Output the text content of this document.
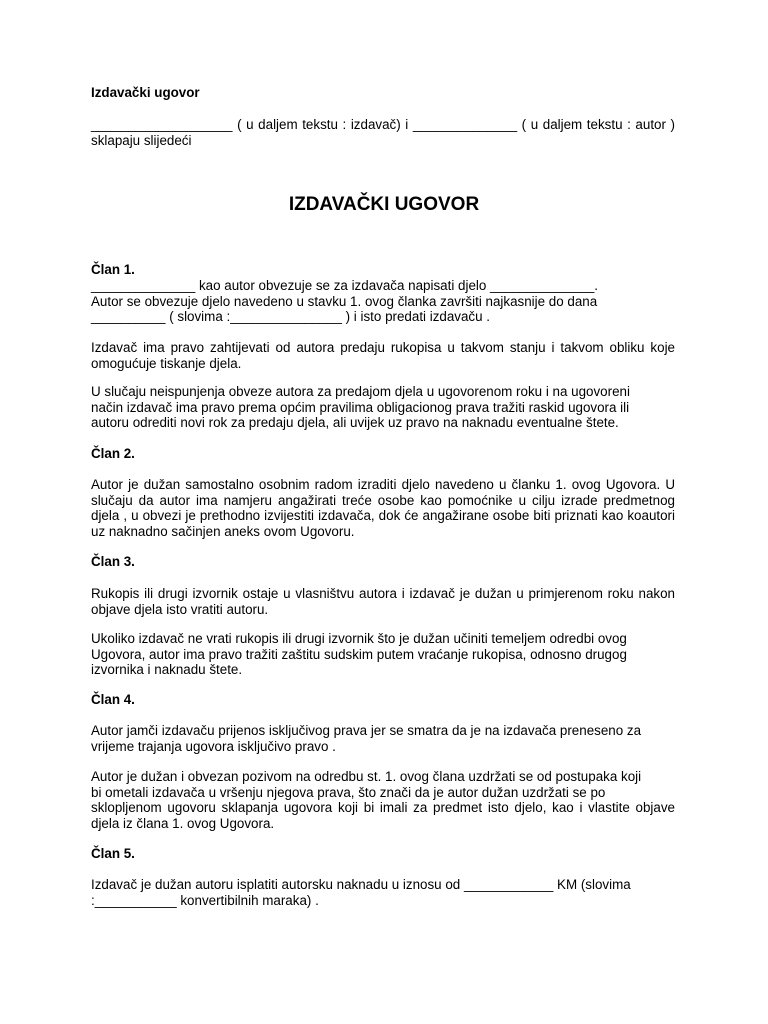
Izdavački ugovor

___________________ ( u daljem tekstu : izdavač) i ______________ ( u daljem tekstu : autor ) sklapaju slijedeći

IZDAVAČKI UGOVOR

Član 1.

______________ kao autor obvezuje se za izdavača napisati djelo ______________.
Autor se obvezuje djelo navedeno u stavku 1. ovog članka završiti najkasnije do dana
__________ ( slovima :_______________ ) i isto predati izdavaču .

Izdavač ima pravo zahtijevati od autora predaju rukopisa u takvom stanju i takvom obliku koje omogućuje tiskanje djela.

U slučaju neispunjenja obveze autora za predajom djela u ugovorenom roku i na ugovoreni
način izdavač ima pravo prema općim pravilima obligacionog prava tražiti raskid ugovora ili
autoru odrediti novi rok za predaju djela, ali uvijek uz pravo na naknadu eventualne štete.

Član 2.

Autor je dužan samostalno osobnim radom izraditi djelo navedeno u članku 1. ovog Ugovora. U slučaju da autor ima namjeru angažirati treće osobe kao pomoćnike u cilju izrade predmetnog djela , u obvezi je prethodno izvijestiti izdavača, dok će angažirane osobe biti priznati kao koautori uz naknadno sačinjen aneks ovom Ugovoru.

Član 3.

Rukopis ili drugi izvornik ostaje u vlasništvu autora i izdavač je dužan u primjerenom roku nakon objave djela isto vratiti autoru.

Ukoliko izdavač ne vrati rukopis ili drugi izvornik što je dužan učiniti temeljem odredbi ovog
Ugovora, autor ima pravo tražiti zaštitu sudskim putem vraćanje rukopisa, odnosno drugog
izvornika i naknadu štete.

Član 4.

Autor jamči izdavaču prijenos isključivog prava jer se smatra da je na izdavača preneseno za
vrijeme trajanja ugovora isključivo pravo .
Autor je dužan i obvezan pozivom na odredbu st. 1. ovog člana uzdržati se od postupaka koji
bi ometali izdavača u vršenju njegova prava, što znači da je autor dužan uzdržati se po
sklopljenom ugovoru sklapanja ugovora koji bi imali za predmet isto djelo, kao i vlastite objave djela iz člana 1. ovog Ugovora.

Član 5.

Izdavač je dužan autoru isplatiti autorsku naknadu u iznosu od ____________ KM (slovima
:___________ konvertibilnih maraka) .
